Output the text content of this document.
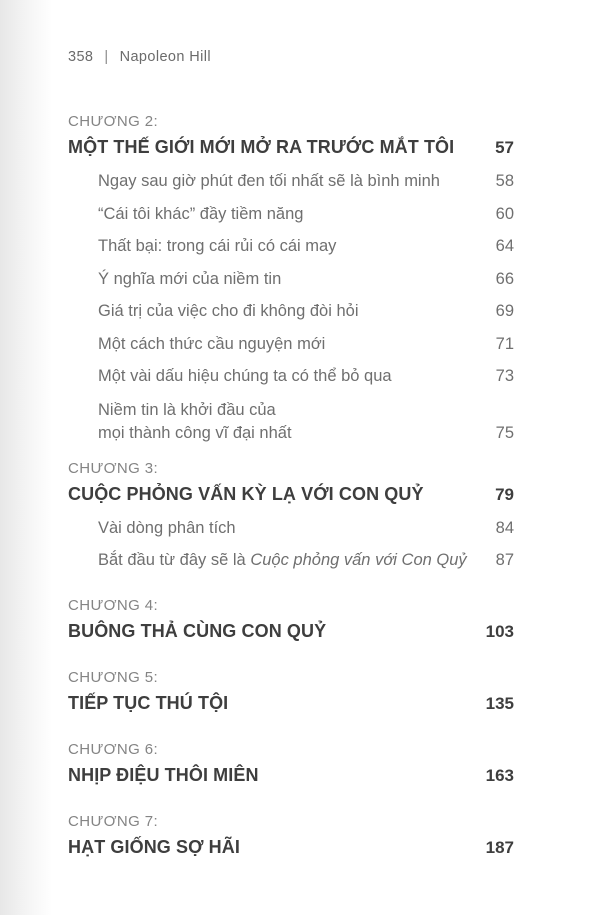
358 | Napoleon Hill
CHƯƠNG 2:
MỘT THẾ GIỚI MỚI MỞ RA TRƯỚC MẮT TÔI	57
Ngay sau giờ phút đen tối nhất sẽ là bình minh	58
“Cái tôi khác” đầy tiềm năng	60
Thất bại: trong cái rủi có cái may	64
Ý nghĩa mới của niềm tin	66
Giá trị của việc cho đi không đòi hỏi	69
Một cách thức cầu nguyện mới	71
Một vài dấu hiệu chúng ta có thể bỏ qua	73
Niềm tin là khởi đầu của
mọi thành công vĩ đại nhất	75
CHƯƠNG 3:
CUỘC PHỎNG VẤN KỲ LẠ VỚI CON QUỶ	79
Vài dòng phân tích	84
Bắt đầu từ đây sẽ là Cuộc phỏng vấn với Con Quỷ	87
CHƯƠNG 4:
BUÔNG THẢ CÙNG CON QUỶ	103
CHƯƠNG 5:
TIẾP TỤC THÚ TỘI	135
CHƯƠNG 6:
NHỊP ĐIỆU THÔI MIÊN	163
CHƯƠNG 7:
HẠT GIỐNG SỢ HÃI	187
